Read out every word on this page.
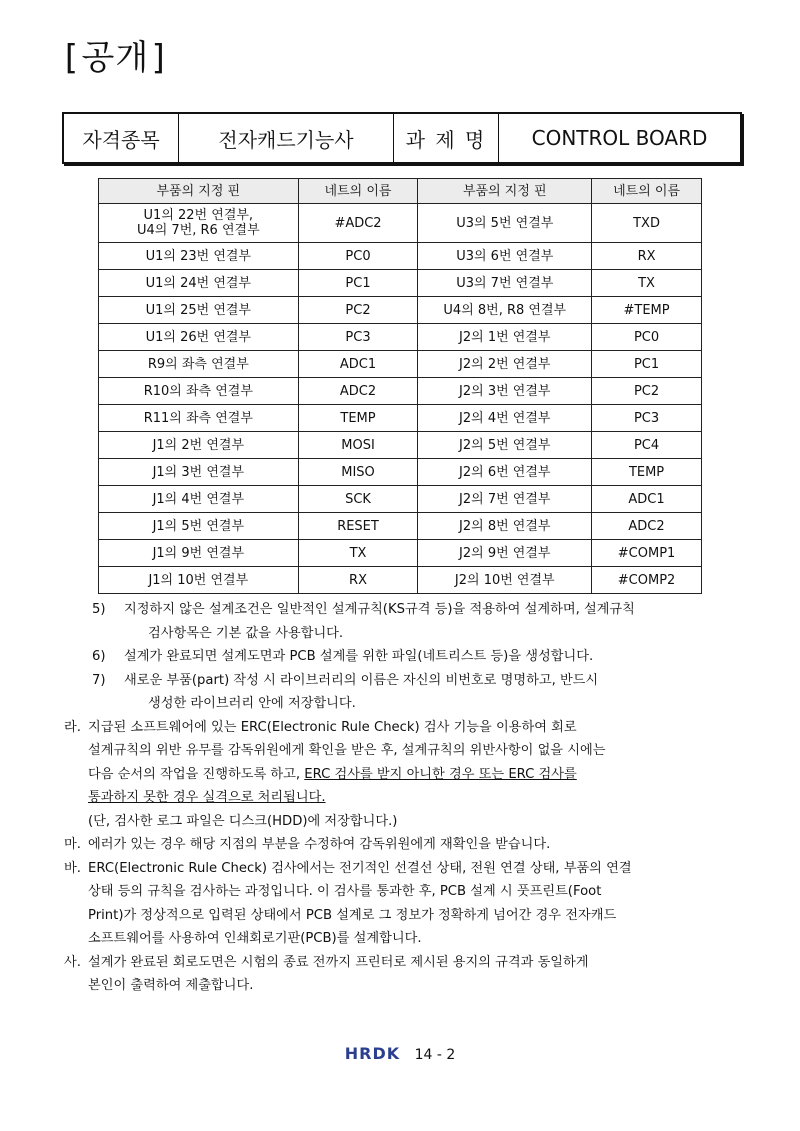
[공개]
자격종목	전자캐드기능사	과 제 명	CONTROL BOARD
부품의 지정 핀	네트의 이름	부품의 지정 핀	네트의 이름
U1의 22번 연결부,
U4의 7번, R6 연결부	#ADC2	U3의 5번 연결부	TXD
U1의 23번 연결부	PC0	U3의 6번 연결부	RX
U1의 24번 연결부	PC1	U3의 7번 연결부	TX
U1의 25번 연결부	PC2	U4의 8번, R8 연결부	#TEMP
U1의 26번 연결부	PC3	J2의 1번 연결부	PC0
R9의 좌측 연결부	ADC1	J2의 2번 연결부	PC1
R10의 좌측 연결부	ADC2	J2의 3번 연결부	PC2
R11의 좌측 연결부	TEMP	J2의 4번 연결부	PC3
J1의 2번 연결부	MOSI	J2의 5번 연결부	PC4
J1의 3번 연결부	MISO	J2의 6번 연결부	TEMP
J1의 4번 연결부	SCK	J2의 7번 연결부	ADC1
J1의 5번 연결부	RESET	J2의 8번 연결부	ADC2
J1의 9번 연결부	TX	J2의 9번 연결부	#COMP1
J1의 10번 연결부	RX	J2의 10번 연결부	#COMP2
5)	지정하지 않은 설계조건은 일반적인 설계규칙(KS규격 등)을 적용하여 설계하며, 설계규칙
검사항목은 기본 값을 사용합니다.
6)	설계가 완료되면 설계도면과 PCB 설계를 위한 파일(네트리스트 등)을 생성합니다.
7)	새로운 부품(part) 작성 시 라이브러리의 이름은 자신의 비번호로 명명하고, 반드시
생성한 라이브러리 안에 저장합니다.
라. 지급된 소프트웨어에 있는 ERC(Electronic Rule Check) 검사 기능을 이용하여 회로
설계규칙의 위반 유무를 감독위원에게 확인을 받은 후, 설계규칙의 위반사항이 없을 시에는
다음 순서의 작업을 진행하도록 하고, ERC 검사를 받지 아니한 경우 또는 ERC 검사를
통과하지 못한 경우 실격으로 처리됩니다.
(단, 검사한 로그 파일은 디스크(HDD)에 저장합니다.)
마. 에러가 있는 경우 해당 지점의 부분을 수정하여 감독위원에게 재확인을 받습니다.
바. ERC(Electronic Rule Check) 검사에서는 전기적인 선결선 상태, 전원 연결 상태, 부품의 연결
상태 등의 규칙을 검사하는 과정입니다. 이 검사를 통과한 후, PCB 설계 시 풋프린트(Foot
Print)가 정상적으로 입력된 상태에서 PCB 설계로 그 정보가 정확하게 넘어간 경우 전자캐드
소프트웨어를 사용하여 인쇄회로기판(PCB)를 설계합니다.
사. 설계가 완료된 회로도면은 시험의 종료 전까지 프린터로 제시된 용지의 규격과 동일하게
본인이 출력하여 제출합니다.
HRDK 14 - 2
